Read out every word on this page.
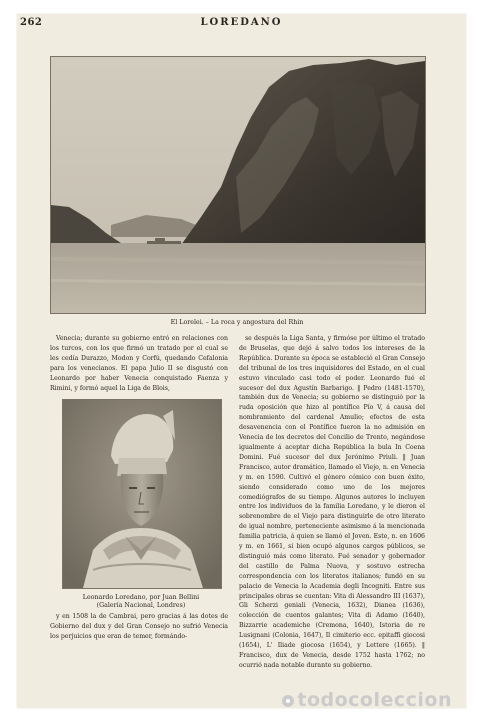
262	LOREDANO
El Lorelei. – La roca y angostura del Rhin

Venecia; durante su gobierno entró en relaciones con los turcos, con los que firmó un tratado por el cual se les cedía Durazzo, Modon y Corfú, quedando Cefalonia para los venecianos. El papa Julio II se disgustó con Leonardo por haber Venecia conquistado Faenza y Rimini, y formó aquel la Liga de Blois,

Leonardo Loredano, por Juan Bellini
(Galería Nacional, Londres)

y en 1508 la de Cambrai, pero gracias á las dotes de Gobierno del dux y del Gran Consejo no sufrió Venecia los perjuicios que eran de temer, formándo-

se después la Liga Santa, y firmóse por último el tratado de Bruselas, que dejó á salvo todos los intereses de la República. Durante su época se estableció el Gran Consejo del tribunal de los tres inquisidores del Estado, en el cual estuvo vinculado casi todo el poder. Leonardo fué el sucesor del dux Agustín Barbarigo. ‖ Pedro (1481-1570), también dux de Venecia; su gobierno se distinguió por la ruda oposición que hizo al pontífice Pío V, á causa del nombramiento del cardenal Amulio; efectos de esta desavenencia con el Pontífice fueron la no admisión en Venecia de los decretos del Concilio de Trento, negándose igualmente á aceptar dicha República la bula In Coena Domini. Fué sucesor del dux Jerónimo Priuli. ‖ Juan Francisco, autor dramático, llamado el Viejo, n. en Venecia y m. en 1590. Cultivó el género cómico con buen éxito, siendo considerado como uno de los mejores comediógrafos de su tiempo. Algunos autores lo incluyen entre los individuos de la familia Loredano, y le dieron el sobrenombre de el Viejo para distinguirle de otro literato de igual nombre, perteneciente asimismo á la mencionada familia patricia, á quien se llamó el Joven. Este, n. en 1606 y m. en 1661, si bien ocupó algunos cargos públicos, se distinguió más como literato. Fué senador y gobernador del castillo de Palma Nuova, y sostuvo estrecha correspondencia con los literatos italianos; fundó en su palacio de Venecia la Academia degli Incogniti. Entre sus principales obras se cuentan: Vita di Alessandro III (1637), Gli Scherzi geniali (Venecia, 1632), Dianea (1636), colección de cuentos galantes; Vita di Adamo (1640), Bizzarrie academiche (Cremona, 1640), Istoria de re Lusignani (Colonia, 1647), Il cimiterio ecc. epitaffi giocosi (1654), L' Iliade giocosa (1654), y Lettere (1665). ‖ Francisco, dux de Venecia, desde 1752 hasta 1762; no ocurrió nada notable durante su gobierno.

todocoleccion
